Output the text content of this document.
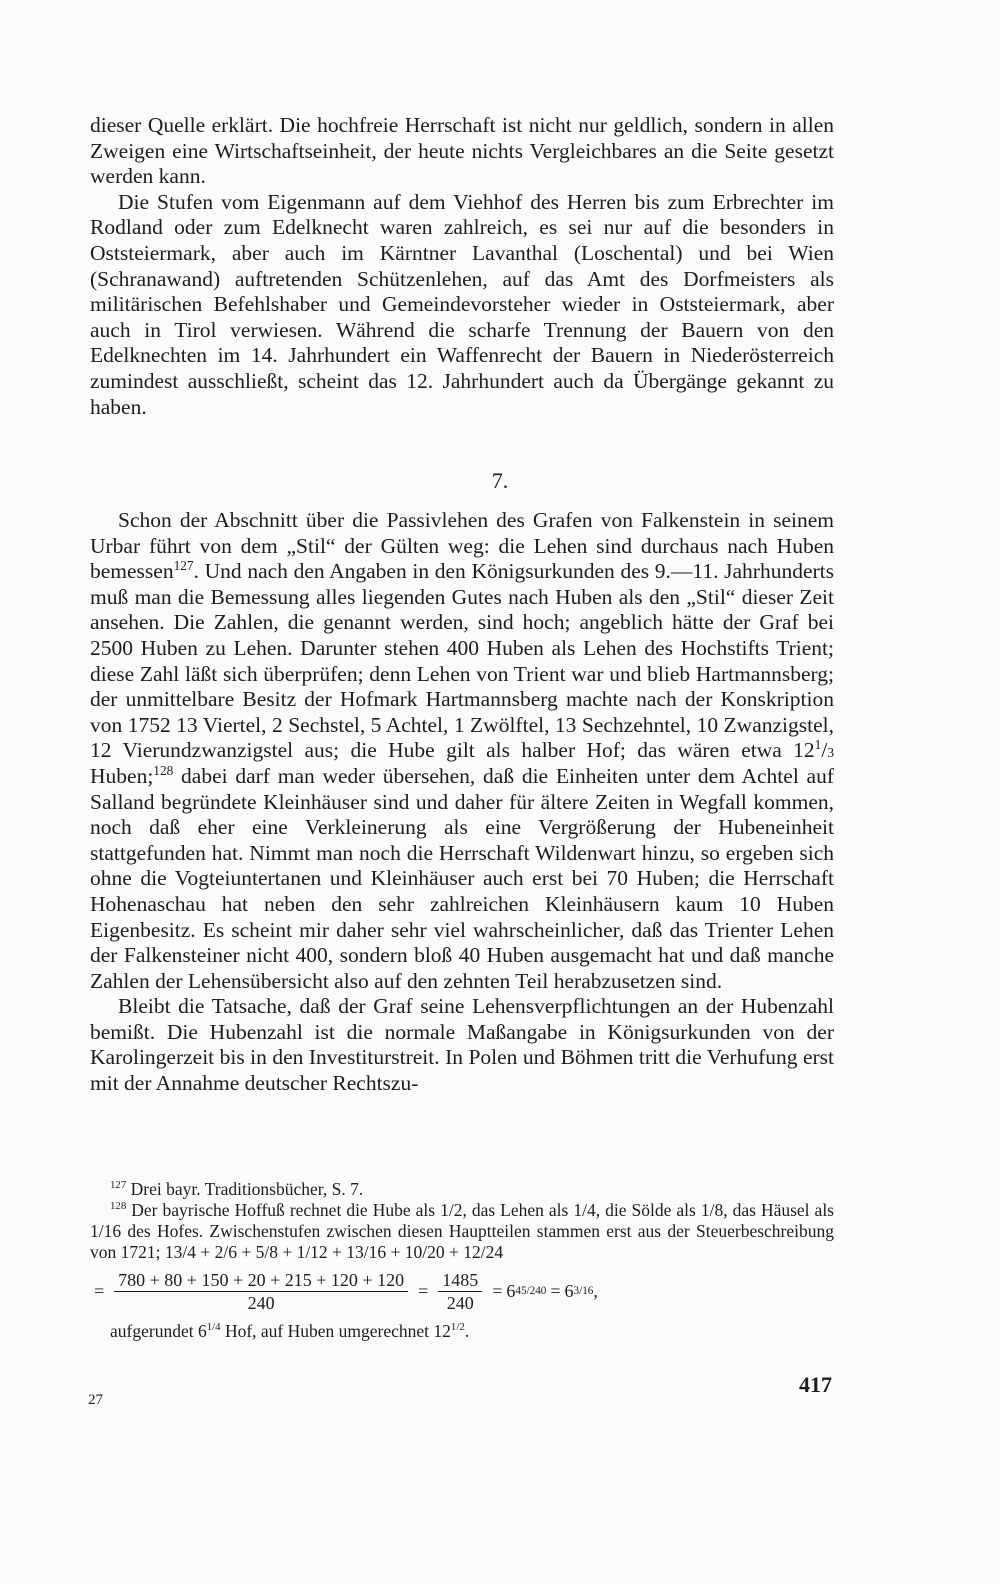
dieser Quelle erklärt. Die hochfreie Herrschaft ist nicht nur geldlich, sondern in allen Zweigen eine Wirtschaftseinheit, der heute nichts Vergleichbares an die Seite gesetzt werden kann.

Die Stufen vom Eigenmann auf dem Viehhof des Herren bis zum Erbrechter im Rodland oder zum Edelknecht waren zahlreich, es sei nur auf die besonders in Oststeiermark, aber auch im Kärntner Lavanthal (Loschental) und bei Wien (Schranawand) auftretenden Schützenlehen, auf das Amt des Dorfmeisters als militärischen Befehlshaber und Gemeindevorsteher wieder in Oststeiermark, aber auch in Tirol verwiesen. Während die scharfe Trennung der Bauern von den Edelknechten im 14. Jahrhundert ein Waffenrecht der Bauern in Niederösterreich zumindest ausschließt, scheint das 12. Jahrhundert auch da Übergänge gekannt zu haben.

7.

Schon der Abschnitt über die Passivlehen des Grafen von Falkenstein in seinem Urbar führt von dem „Stil“ der Gülten weg: die Lehen sind durchaus nach Huben bemessen$^{127}$. Und nach den Angaben in den Königsurkunden des 9.—11. Jahrhunderts muß man die Bemessung alles liegenden Gutes nach Huben als den „Stil“ dieser Zeit ansehen. Die Zahlen, die genannt werden, sind hoch; angeblich hätte der Graf bei 2500 Huben zu Lehen. Darunter stehen 400 Huben als Lehen des Hochstifts Trient; diese Zahl läßt sich überprüfen; denn Lehen von Trient war und blieb Hartmannsberg; der unmittelbare Besitz der Hofmark Hartmannsberg machte nach der Konskription von 1752 13 Viertel, 2 Sechstel, 5 Achtel, 1 Zwölftel, 13 Sechzehntel, 10 Zwanzigstel, 12 Vierundzwanzigstel aus; die Hube gilt als halber Hof; das wären etwa $12^1/3$ Huben;$^{128}$ dabei darf man weder übersehen, daß die Einheiten unter dem Achtel auf Salland begründete Kleinhäuser sind und daher für ältere Zeiten in Wegfall kommen, noch daß eher eine Verkleinerung als eine Vergrößerung der Hubeneinheit stattgefunden hat. Nimmt man noch die Herrschaft Wildenwart hinzu, so ergeben sich ohne die Vogteiuntertanen und Kleinhäuser auch erst bei 70 Huben; die Herrschaft Hohenaschau hat neben den sehr zahlreichen Kleinhäusern kaum 10 Huben Eigenbesitz. Es scheint mir daher sehr viel wahrscheinlicher, daß das Trienter Lehen der Falkensteiner nicht 400, sondern bloß 40 Huben ausgemacht hat und daß manche Zahlen der Lehensübersicht also auf den zehnten Teil herabzusetzen sind.

Bleibt die Tatsache, daß der Graf seine Lehensverpflichtungen an der Hubenzahl bemißt. Die Hubenzahl ist die normale Maßangabe in Königsurkunden von der Karolingerzeit bis in den Investiturstreit. In Polen und Böhmen tritt die Verhufung erst mit der Annahme deutscher Rechtszu-

$^{127}$ Drei bayr. Traditionsbücher, S. 7.

$^{128}$ Der bayrische Hoffuß rechnet die Hube als 1/2, das Lehen als 1/4, die Sölde als 1/8, das Häusel als 1/16 des Hofes. Zwischenstufen zwischen diesen Hauptteilen stammen erst aus der Steuerbeschreibung von 1721; 13/4 + 2/6 + 5/8 + 1/12 + 13/16 + 10/20 + 12/24

= $\frac{780 + 80 + 150 + 20 + 215 + 120 + 120}{240} = \frac{1485}{240} = 6$ 45/240 = 6 3/16 ,

aufgerundet $6^{1/4}$ Hof, auf Huben umgerechnet $12^{1/2}$.

417
27
